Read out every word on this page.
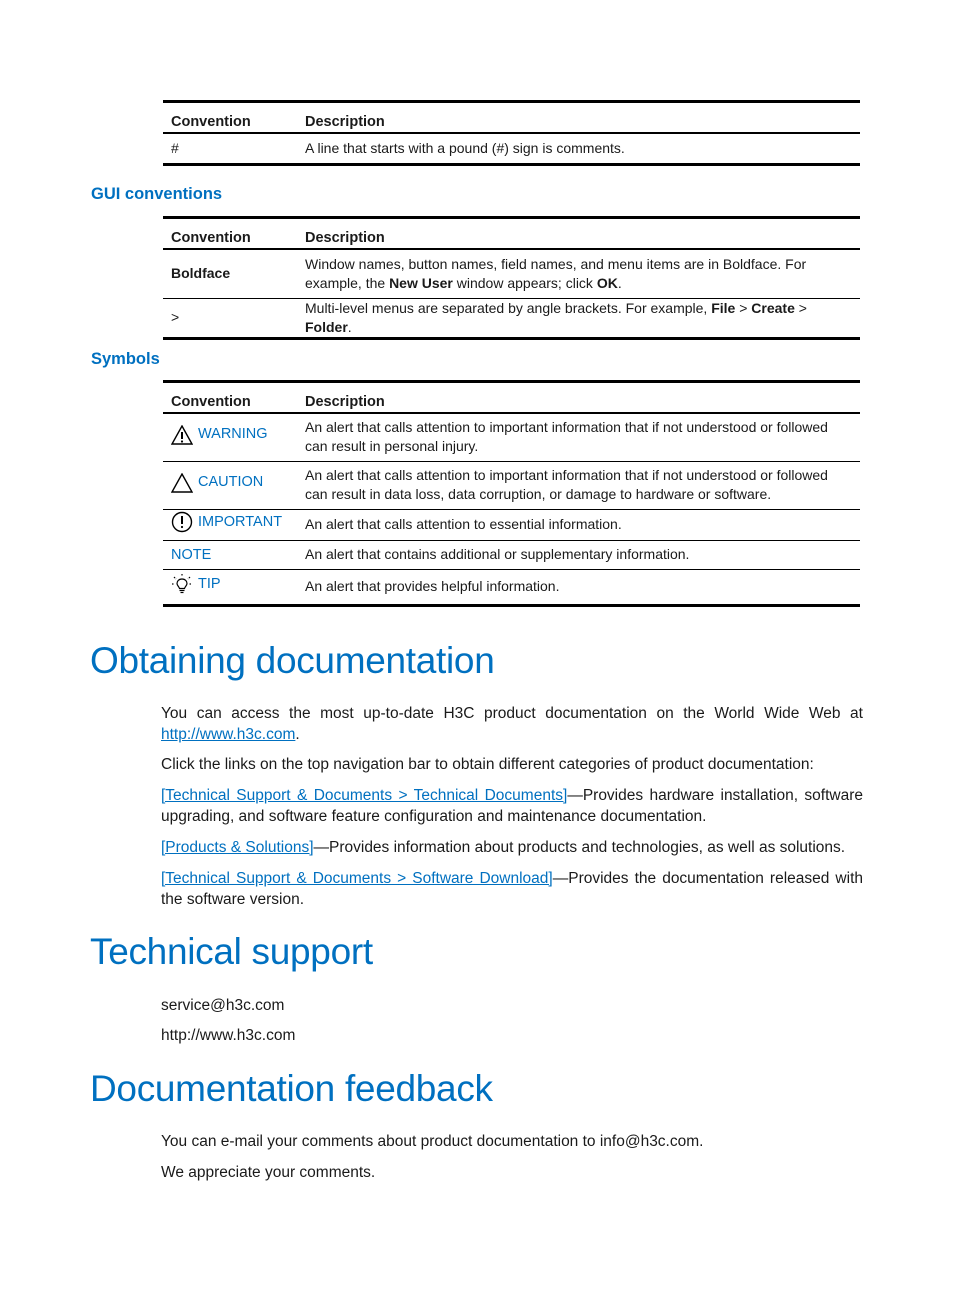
Convention	Description
#	A line that starts with a pound (#) sign is comments.
GUI conventions
Convention	Description
Boldface	Window names, button names, field names, and menu items are in Boldface. For example, the New User window appears; click OK.
>	Multi-level menus are separated by angle brackets. For example, File > Create > Folder.
Symbols
Convention	Description

WARNING	An alert that calls attention to important information that if not understood or followed can result in personal injury.

CAUTION	An alert that calls attention to important information that if not understood or followed can result in data loss, data corruption, or damage to hardware or software.

IMPORTANT	An alert that calls attention to essential information.

NOTE	An alert that contains additional or supplementary information.

TIP	An alert that provides helpful information.
Obtaining documentation

You can access the most up-to-date H3C product documentation on the World Wide Web at http://www.h3c.com.

Click the links on the top navigation bar to obtain different categories of product documentation:

[Technical Support & Documents > Technical Documents]—Provides hardware installation, software upgrading, and software feature configuration and maintenance documentation.

[Products & Solutions]—Provides information about products and technologies, as well as solutions.

[Technical Support & Documents > Software Download]—Provides the documentation released with the software version.

Technical support

service@h3c.com

http://www.h3c.com

Documentation feedback

You can e-mail your comments about product documentation to info@h3c.com.

We appreciate your comments.
